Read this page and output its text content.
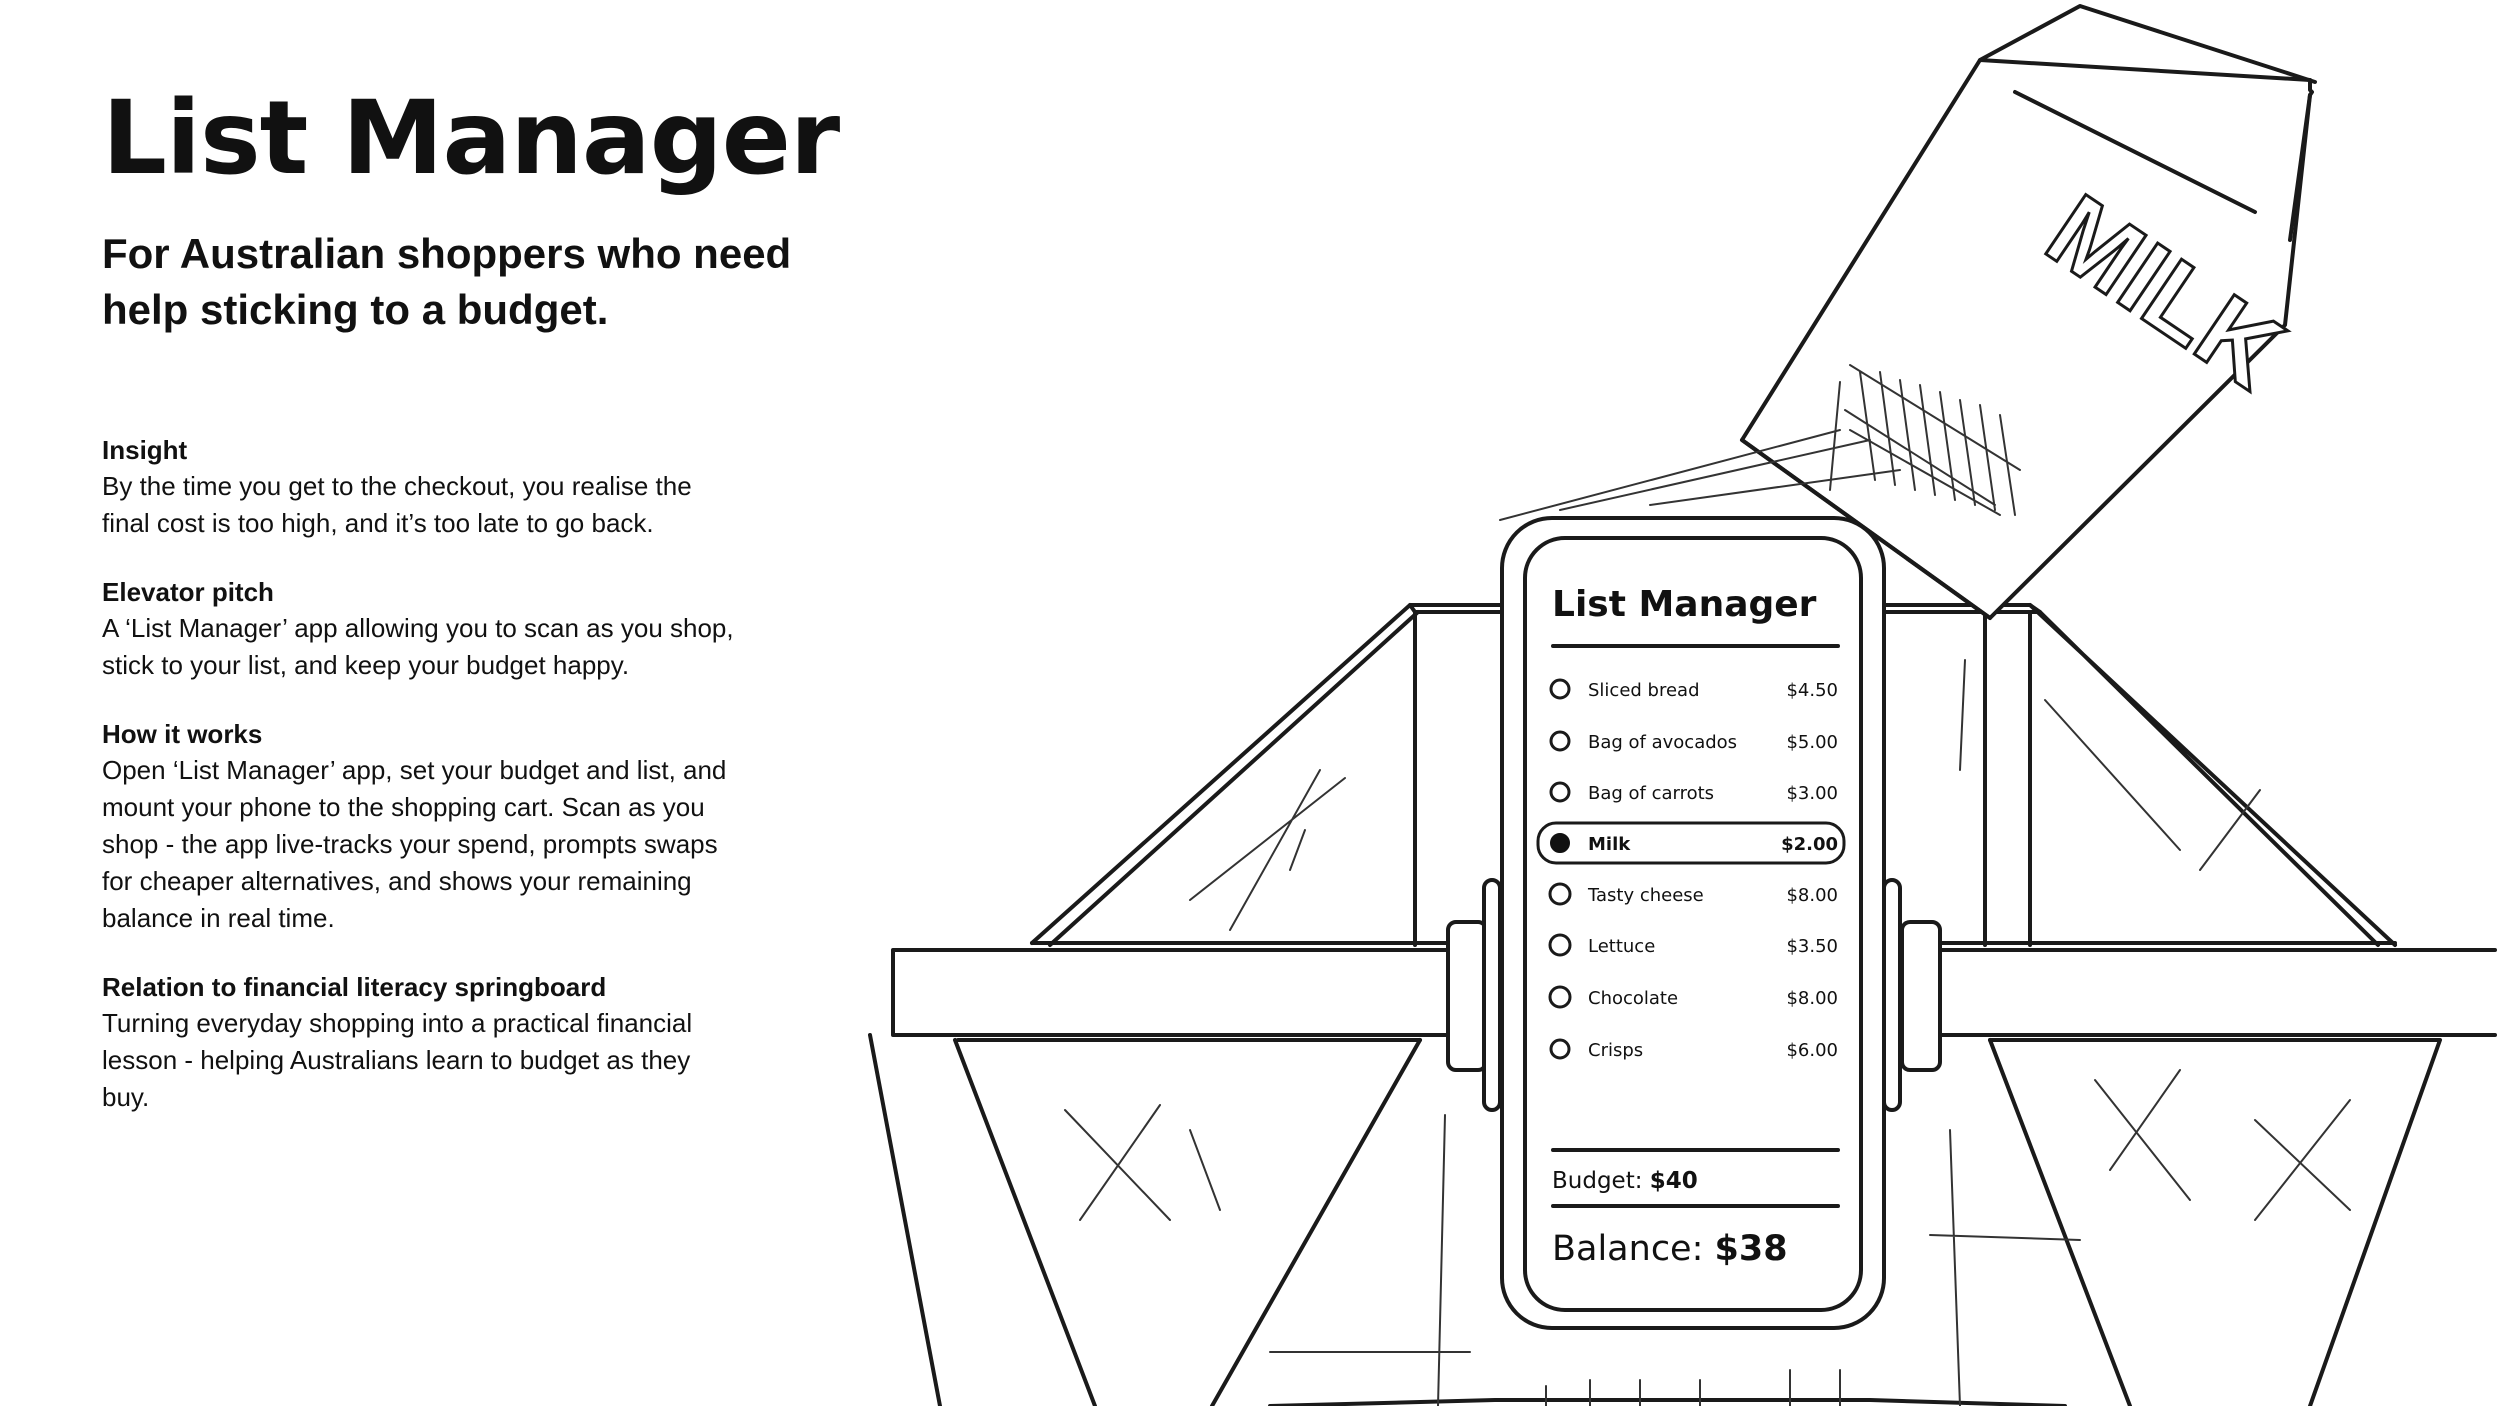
List Manager

For Australian shoppers who need help sticking to a budget.

Insight
By the time you get to the checkout, you realise the final cost is too high, and it’s too late to go back.
Elevator pitch
A ‘List Manager’ app allowing you to scan as you shop, stick to your list, and keep your budget happy.
How it works
Open ‘List Manager’ app, set your budget and list, and mount your phone to the shopping cart. Scan as you shop - the app live-tracks your spend, prompts swaps for cheaper alternatives, and shows your remaining balance in real time.
Relation to financial literacy springboard
Turning everyday shopping into a practical financial lesson - helping Australians learn to budget as they buy.
MILK
List Manager
Sliced bread	$4.50
Bag of avocados	$5.00
Bag of carrots	$3.00
Milk	$2.00
Tasty cheese	$8.00
Lettuce	$3.50
Chocolate	$8.00
Crisps	$6.00
Budget: $40
Balance: $38
